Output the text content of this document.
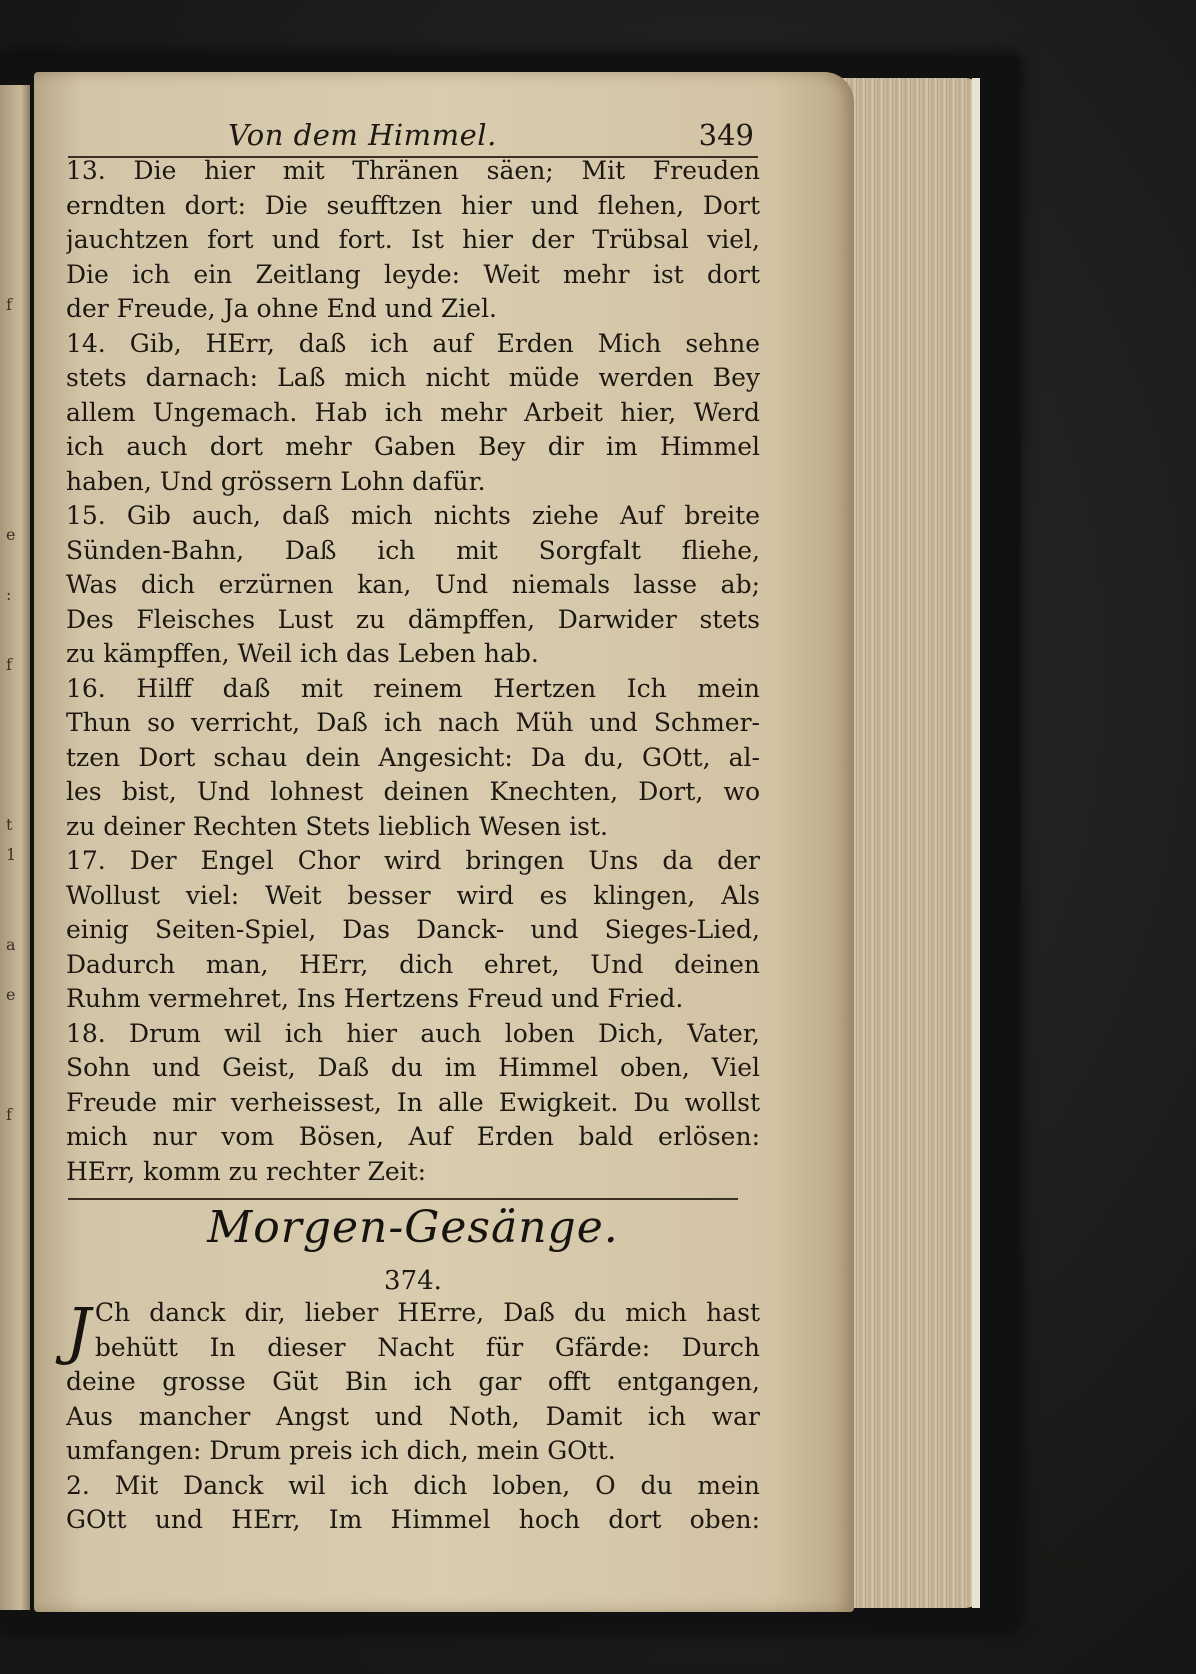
f
e
:
f
t
1
a
e
f
Von dem Himmel.	349
13. Die hier mit Thränen säen; Mit Freuden
erndten dort: Die seufftzen hier und flehen, Dort
jauchtzen fort und fort. Ist hier der Trübsal viel,
Die ich ein Zeitlang leyde: Weit mehr ist dort
der Freude, Ja ohne End und Ziel.
14. Gib, HErr, daß ich auf Erden Mich sehne
stets darnach: Laß mich nicht müde werden Bey
allem Ungemach. Hab ich mehr Arbeit hier, Werd
ich auch dort mehr Gaben Bey dir im Himmel
haben, Und grössern Lohn dafür.
15. Gib auch, daß mich nichts ziehe Auf breite
Sünden-Bahn, Daß ich mit Sorgfalt fliehe,
Was dich erzürnen kan, Und niemals lasse ab;
Des Fleisches Lust zu dämpffen, Darwider stets
zu kämpffen, Weil ich das Leben hab.
16. Hilff daß mit reinem Hertzen Ich mein
Thun so verricht, Daß ich nach Müh und Schmer-
tzen Dort schau dein Angesicht: Da du, GOtt, al-
les bist, Und lohnest deinen Knechten, Dort, wo
zu deiner Rechten Stets lieblich Wesen ist.
17. Der Engel Chor wird bringen Uns da der
Wollust viel: Weit besser wird es klingen, Als
einig Seiten-Spiel, Das Danck- und Sieges-Lied,
Dadurch man, HErr, dich ehret, Und deinen
Ruhm vermehret, Ins Hertzens Freud und Fried.
18. Drum wil ich hier auch loben Dich, Vater,
Sohn und Geist, Daß du im Himmel oben, Viel
Freude mir verheissest, In alle Ewigkeit. Du wollst
mich nur vom Bösen, Auf Erden bald erlösen:
HErr, komm zu rechter Zeit:
Morgen-Gesänge.
374.
J Ch danck dir, lieber HErre, Daß du mich hast
behütt In dieser Nacht für Gfärde: Durch
deine grosse Güt Bin ich gar offt entgangen,
Aus mancher Angst und Noth, Damit ich war
umfangen: Drum preis ich dich, mein GOtt.
2. Mit Danck wil ich dich loben, O du mein
GOtt und HErr, Im Himmel hoch dort oben:
Den
